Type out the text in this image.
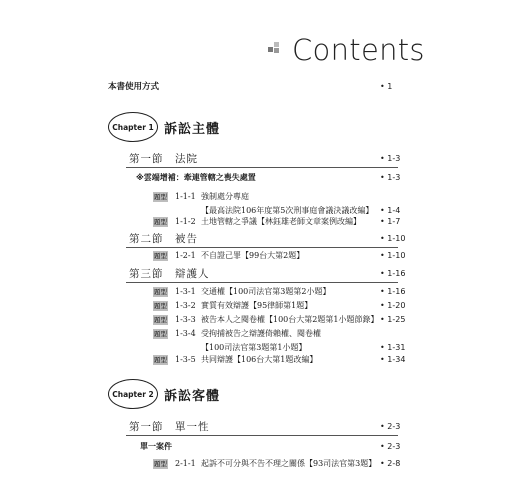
Contents
本書使用方式	• 1
Chapter 1 訴訟主體
第一節　法院	• 1-3
※雲端增補：牽連管轄之喪失處置	• 1-3
題型 1-1-1 強制處分專庭
【最高法院106年度第5次刑事庭會議決議改編】 • 1-4
題型 1-1-2 土地管轄之爭議【林鈺雄老師文章案例改編】 • 1-7
第二節　被告	• 1-10
題型 1-2-1 不自證己罪【99台大第2題】	• 1-10
第三節　辯護人	• 1-16
題型 1-3-1 交通權【100司法官第3題第2小題】	• 1-16
題型 1-3-2 實質有效辯護【95律師第1題】	• 1-20
題型 1-3-3 被告本人之閱卷權【100台大第2題第1小題節錄】 • 1-25
題型 1-3-4 受拘捕被告之辯護倚賴權、閱卷權
【100司法官第3題第1小題】	• 1-31
題型 1-3-5 共同辯護【106台大第1題改編】	• 1-34
Chapter 2 訴訟客體
第一節　單一性	• 2-3
單一案件	• 2-3
題型 2-1-1 起訴不可分與不告不理之關係【93司法官第3題】 • 2-8
